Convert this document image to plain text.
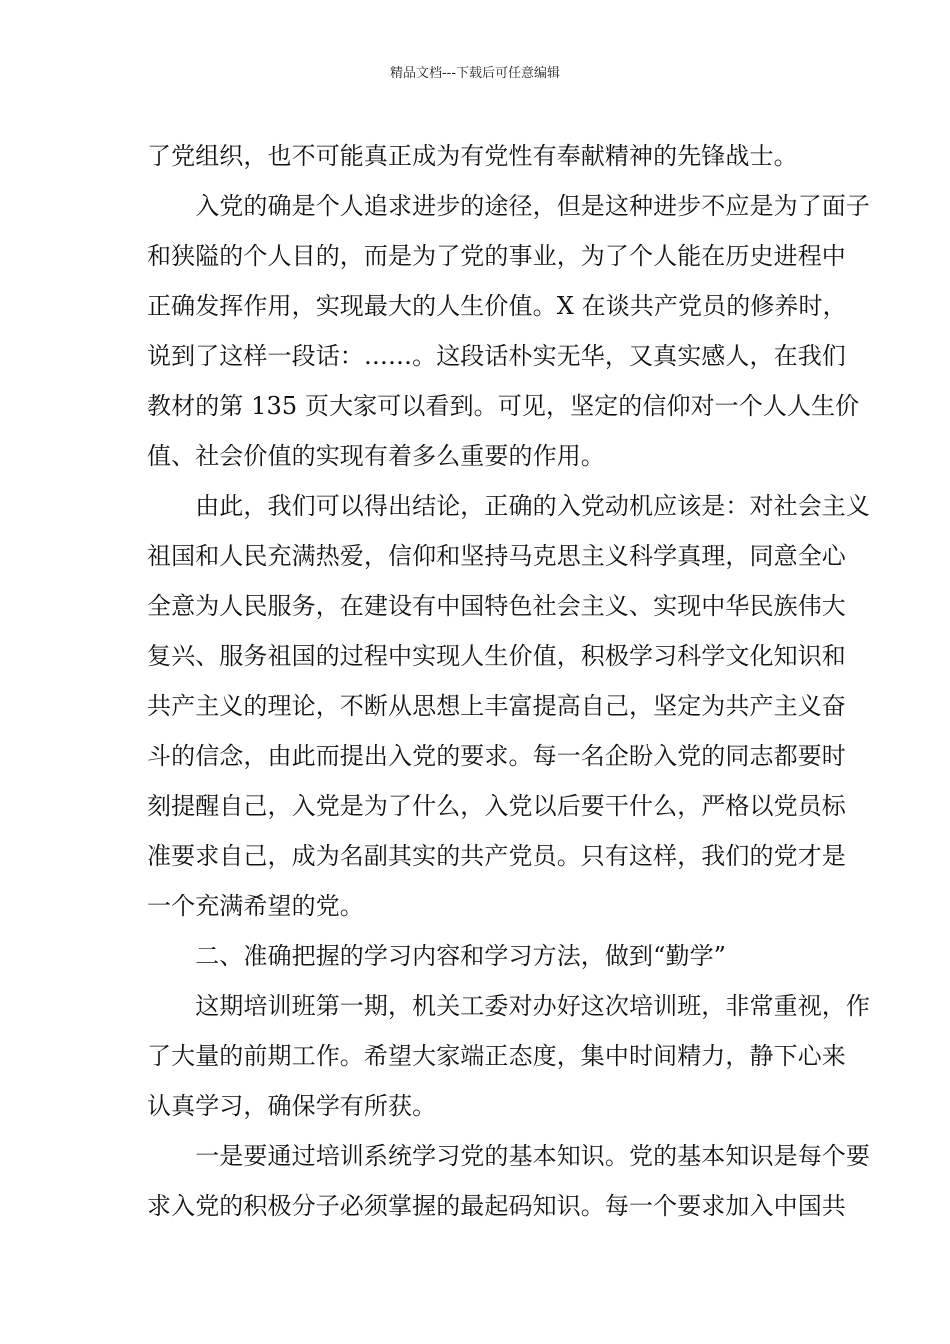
精品文档---下载后可任意编辑
了党组织，也不可能真正成为有党性有奉献精神的先锋战士。
　　入党的确是个人追求进步的途径，但是这种进步不应是为了面子
和狭隘的个人目的，而是为了党的事业，为了个人能在历史进程中
正确发挥作用，实现最大的人生价值。X 在谈共产党员的修养时，
说到了这样一段话：……。这段话朴实无华，又真实感人，在我们
教材的第 135 页大家可以看到。可见，坚定的信仰对一个人人生价
值、社会价值的实现有着多么重要的作用。
　　由此，我们可以得出结论，正确的入党动机应该是：对社会主义
祖国和人民充满热爱，信仰和坚持马克思主义科学真理，同意全心
全意为人民服务，在建设有中国特色社会主义、实现中华民族伟大
复兴、服务祖国的过程中实现人生价值，积极学习科学文化知识和
共产主义的理论，不断从思想上丰富提高自己，坚定为共产主义奋
斗的信念，由此而提出入党的要求。每一名企盼入党的同志都要时
刻提醒自己，入党是为了什么，入党以后要干什么，严格以党员标
准要求自己，成为名副其实的共产党员。只有这样，我们的党才是
一个充满希望的党。
　　二、准确把握的学习内容和学习方法，做到“勤学”
　　这期培训班第一期，机关工委对办好这次培训班，非常重视，作
了大量的前期工作。希望大家端正态度，集中时间精力，静下心来
认真学习，确保学有所获。
　　一是要通过培训系统学习党的基本知识。党的基本知识是每个要
求入党的积极分子必须掌握的最起码知识。每一个要求加入中国共
